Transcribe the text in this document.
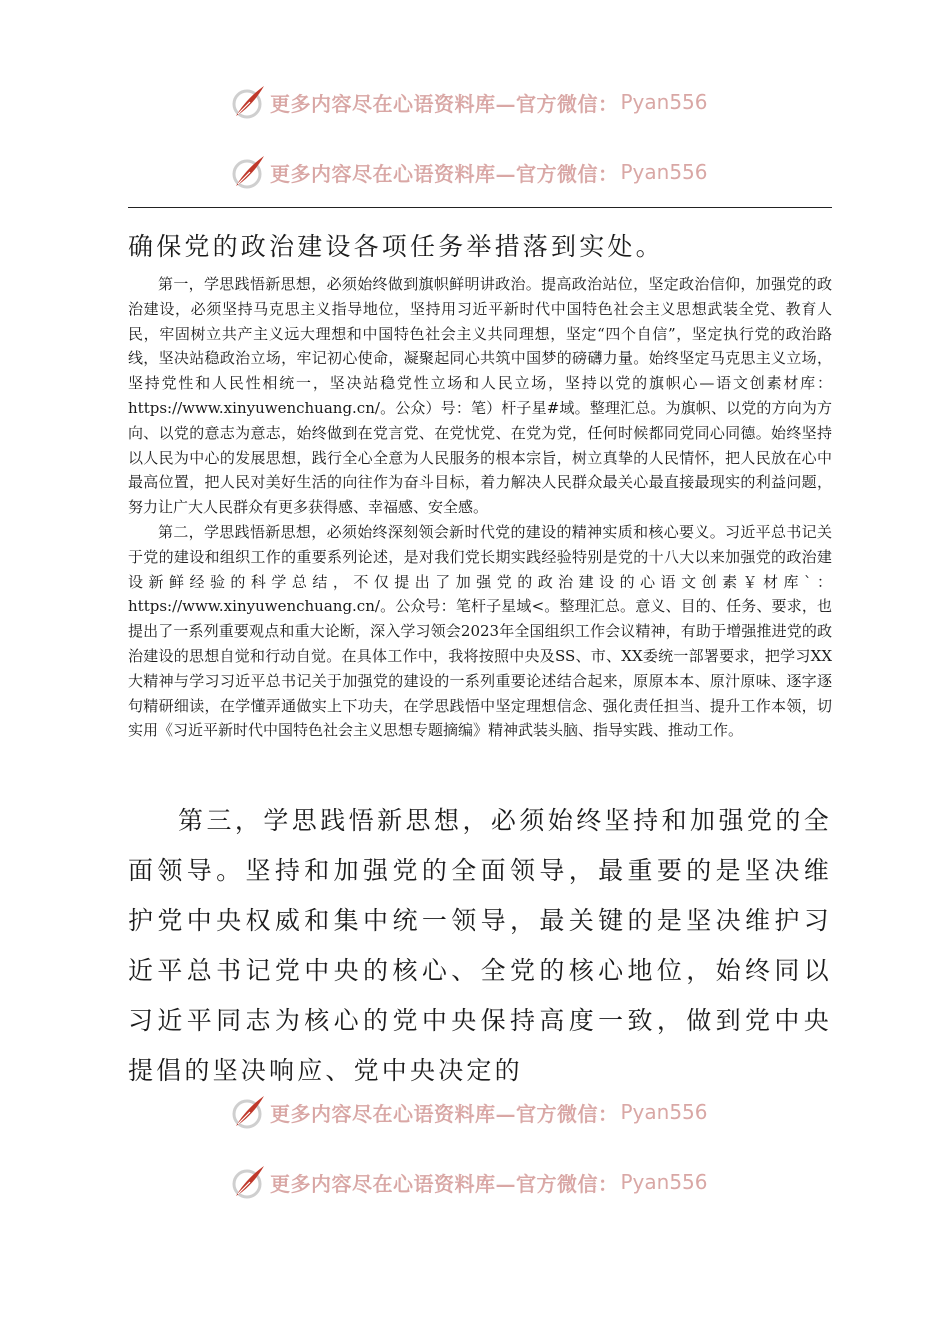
更多内容尽在心语资料库—官方微信： Pyan556
更多内容尽在心语资料库—官方微信： Pyan556

确保党的政治建设各项任务举措落到实处。

第一，学思践悟新思想，必须始终做到旗帜鲜明讲政治。提高政治站位，坚定政治信仰，加强党的政治建设，必须坚持马克思主义指导地位，坚持用习近平新时代中国特色社会主义思想武装全党、教育人民，牢固树立共产主义远大理想和中国特色社会主义共同理想，坚定“四个自信”，坚定执行党的政治路线，坚决站稳政治立场，牢记初心使命，凝聚起同心共筑中国梦的磅礴力量。始终坚定马克思主义立场，坚持党性和人民性相统一，坚决站稳党性立场和人民立场，坚持以党的旗帜心—语文创素材库：https://www.xinyuwenchuang.cn/。公众）号：笔）杆子星#域。整理汇总。为旗帜、以党的方向为方向、以党的意志为意志，始终做到在党言党、在党忧党、在党为党，任何时候都同党同心同德。始终坚持以人民为中心的发展思想，践行全心全意为人民服务的根本宗旨，树立真挚的人民情怀，把人民放在心中最高位置，把人民对美好生活的向往作为奋斗目标，着力解决人民群众最关心最直接最现实的利益问题，努力让广大人民群众有更多获得感、幸福感、安全感。

第二，学思践悟新思想，必须始终深刻领会新时代党的建设的精神实质和核心要义。习近平总书记关于党的建设和组织工作的重要系列论述，是对我们党长期实践经验特别是党的十八大以来加强党的政治建设新鲜经验的科学总结，不仅提出了加强党的政治建设的心语文创素￥材库`：https://www.xinyuwenchuang.cn/。公众号：笔杆子星域<。整理汇总。意义、目的、任务、要求，也提出了一系列重要观点和重大论断，深入学习领会2023年全国组织工作会议精神，有助于增强推进党的政治建设的思想自觉和行动自觉。在具体工作中，我将按照中央及SS、市、XX委统一部署要求，把学习XX大精神与学习习近平总书记关于加强党的建设的一系列重要论述结合起来，原原本本、原汁原味、逐字逐句精研细读，在学懂弄通做实上下功夫，在学思践悟中坚定理想信念、强化责任担当、提升工作本领，切实用《习近平新时代中国特色社会主义思想专题摘编》精神武装头脑、指导实践、推动工作。

第三，学思践悟新思想，必须始终坚持和加强党的全面领导。坚持和加强党的全面领导，最重要的是坚决维护党中央权威和集中统一领导，最关键的是坚决维护习近平总书记党中央的核心、全党的核心地位，始终同以习近平同志为核心的党中央保持高度一致，做到党中央提倡的坚决响应、党中央决定的

更多内容尽在心语资料库—官方微信： Pyan556
更多内容尽在心语资料库—官方微信： Pyan556
